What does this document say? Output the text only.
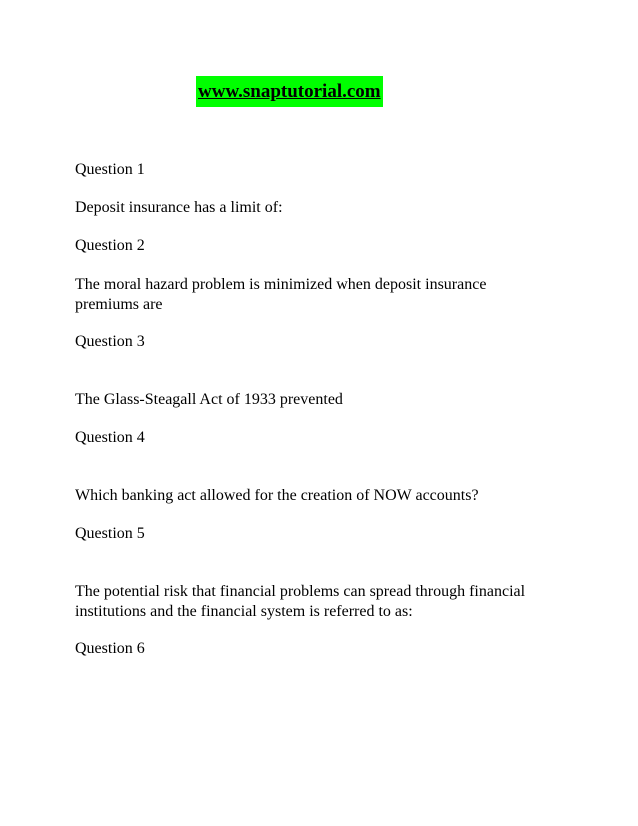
www.snaptutorial.com
Question 1
Deposit insurance has a limit of:
Question 2
The moral hazard problem is minimized when deposit insurance
premiums are
Question 3
The Glass-Steagall Act of 1933 prevented
Question 4
Which banking act allowed for the creation of NOW accounts?
Question 5
The potential risk that financial problems can spread through financial
institutions and the financial system is referred to as:
Question 6
